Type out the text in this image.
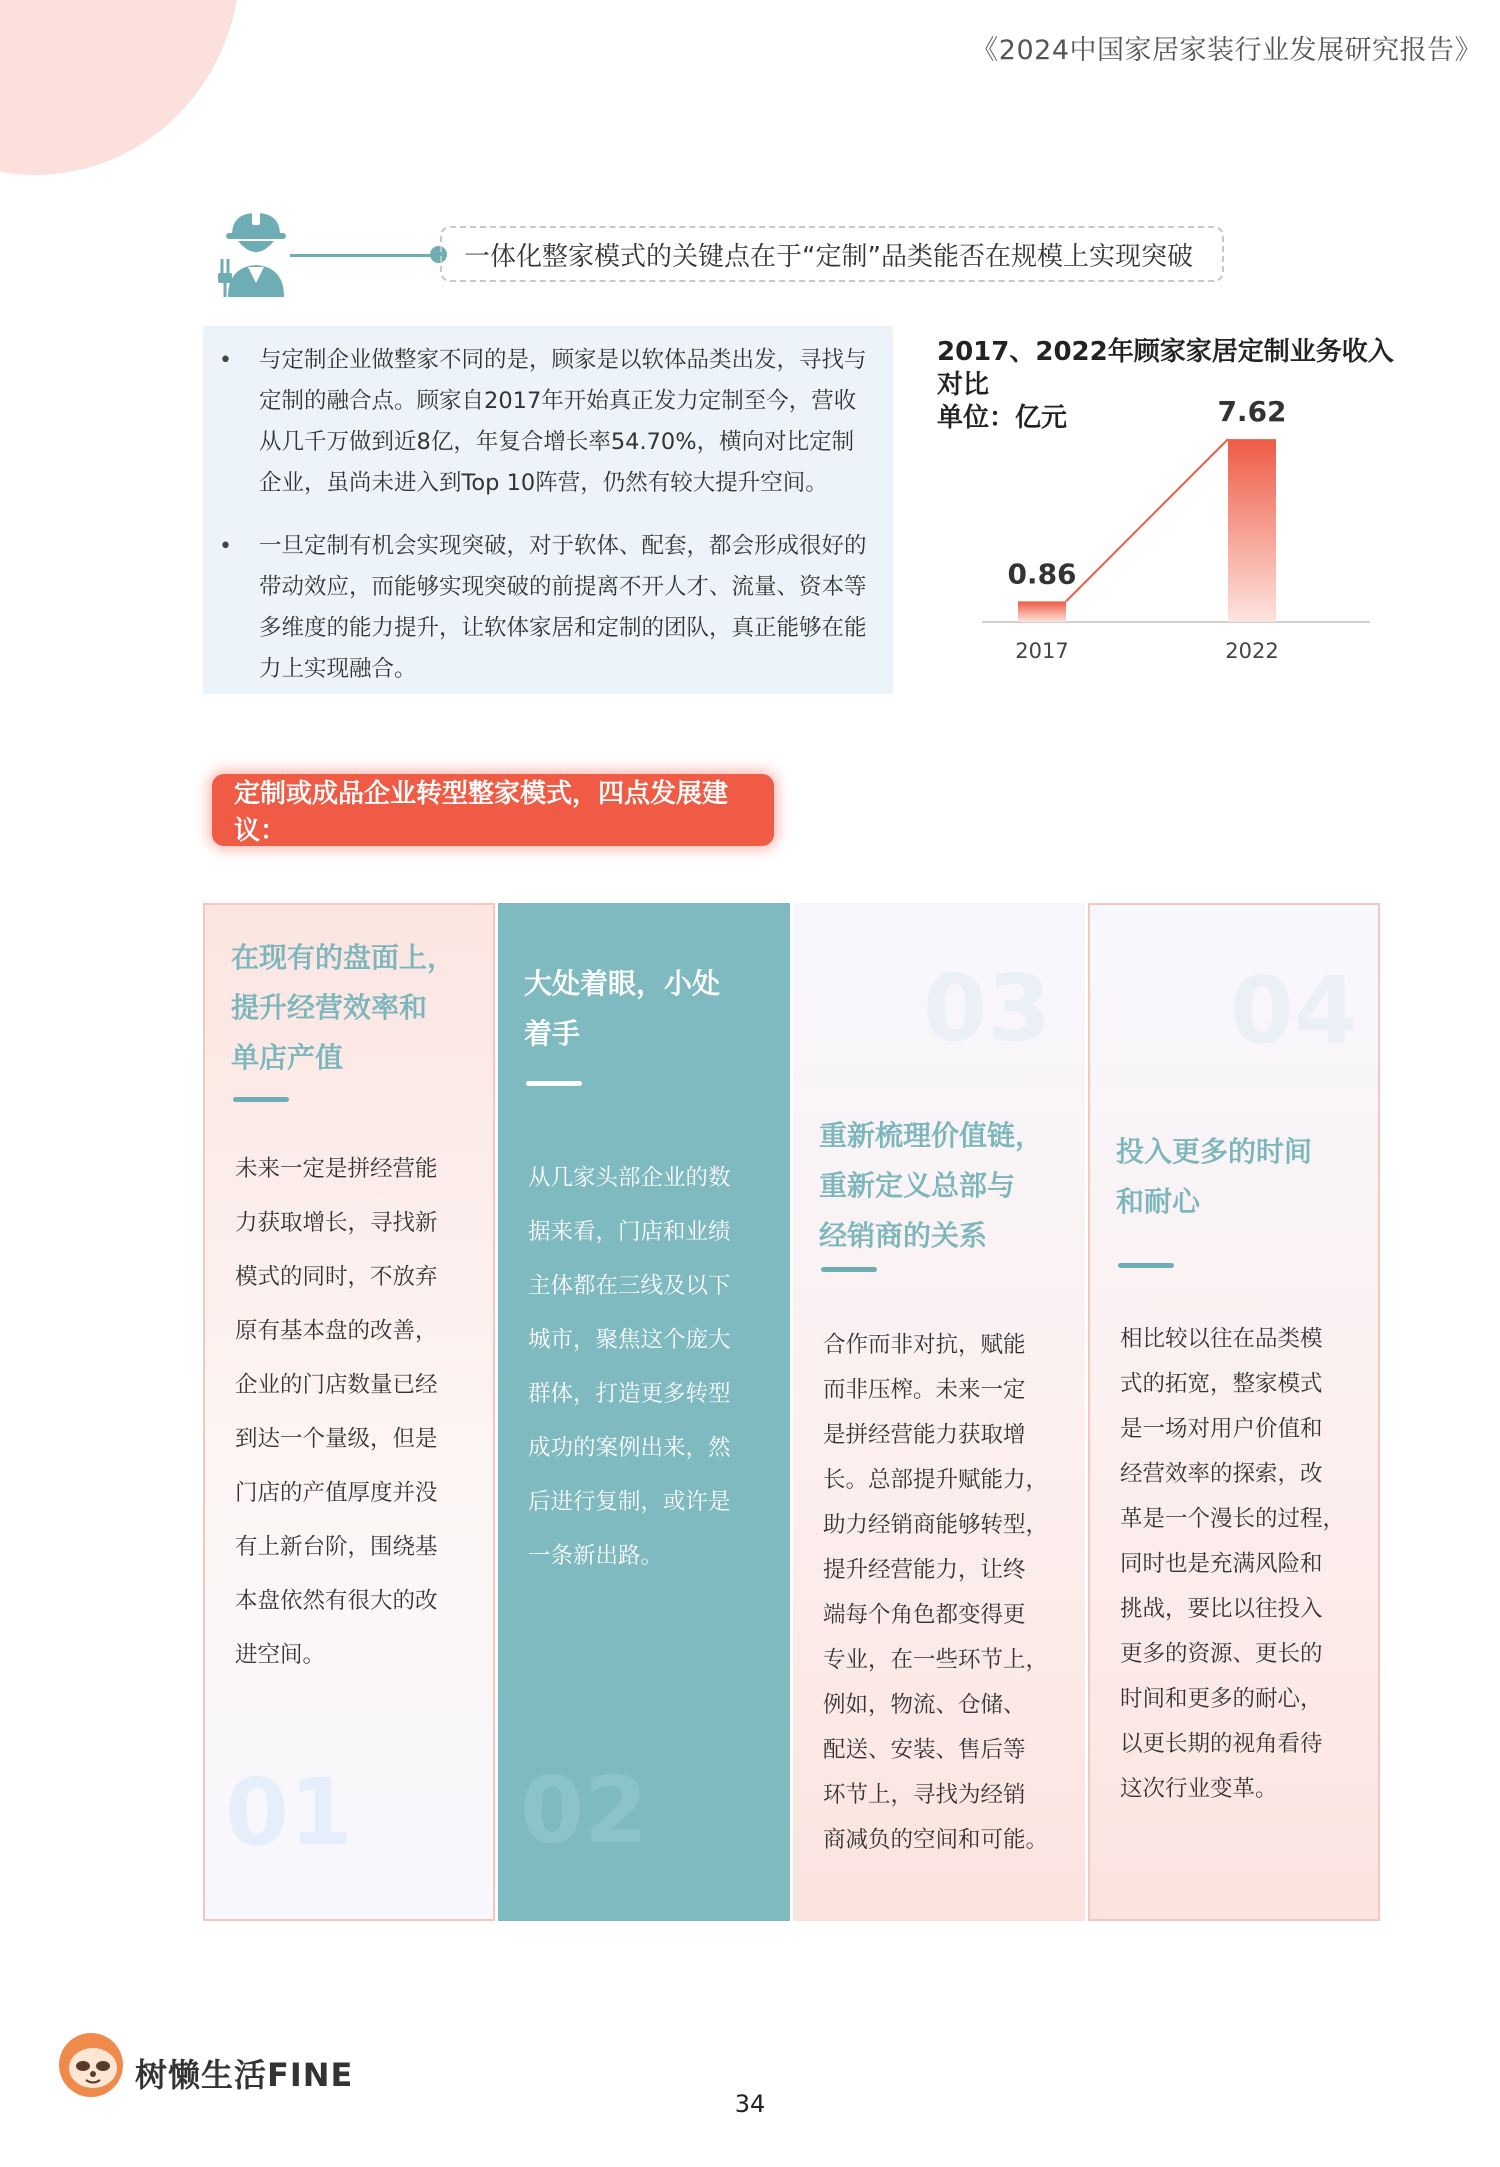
《2024中国家居家装行业发展研究报告》
一体化整家模式的关键点在于“定制”品类能否在规模上实现突破
•	与定制企业做整家不同的是，顾家是以软体品类出发，寻找与定制的融合点。顾家自2017年开始真正发力定制至今，营收从几千万做到近8亿，年复合增长率54.70%，横向对比定制企业，虽尚未进入到Top 10阵营，仍然有较大提升空间。
•	一旦定制有机会实现突破，对于软体、配套，都会形成很好的带动效应，而能够实现突破的前提离不开人才、流量、资本等多维度的能力提升，让软体家居和定制的团队，真正能够在能力上实现融合。
2017、2022年顾家家居定制业务收入对比
单位：亿元
0.86
2017
7.62
2022
定制或成品企业转型整家模式，四点发展建议：
在现有的盘面上，
提升经营效率和
单店产值
未来一定是拼经营能
力获取增长，寻找新
模式的同时，不放弃
原有基本盘的改善，
企业的门店数量已经
到达一个量级，但是
门店的产值厚度并没
有上新台阶，围绕基
本盘依然有很大的改
进空间。
01
大处着眼，小处
着手
从几家头部企业的数
据来看，门店和业绩
主体都在三线及以下
城市，聚焦这个庞大
群体，打造更多转型
成功的案例出来，然
后进行复制，或许是
一条新出路。
02
03
重新梳理价值链，
重新定义总部与
经销商的关系
合作而非对抗，赋能
而非压榨。未来一定
是拼经营能力获取增
长。总部提升赋能力，
助力经销商能够转型，
提升经营能力，让终
端每个角色都变得更
专业，在一些环节上，
例如，物流、仓储、
配送、安装、售后等
环节上，寻找为经销
商减负的空间和可能。
04
投入更多的时间
和耐心
相比较以往在品类模
式的拓宽，整家模式
是一场对用户价值和
经营效率的探索，改
革是一个漫长的过程，
同时也是充满风险和
挑战，要比以往投入
更多的资源、更长的
时间和更多的耐心，
以更长期的视角看待
这次行业变革。
树懒生活FINE
34
